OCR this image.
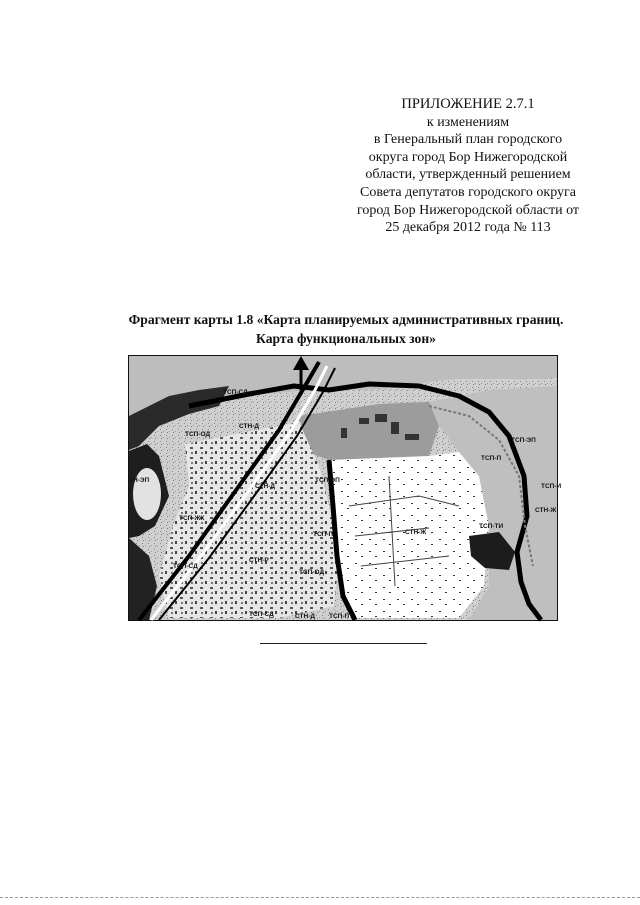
ПРИЛОЖЕНИЕ 2.7.1
к изменениям
в Генеральный план городского
округа город Бор Нижегородской
области, утвержденный решением
Совета депутатов городского округа
город Бор Нижегородской области от
25 декабря 2012 года № 113
Фрагмент карты 1.8 «Карта планируемых административных границ.
Карта функциональных зон»
ТСП-СД
ТСП-ОД
СТН-Д
ТСП-ЭП
ТСП-П
ТСП-ЭП
СТН-Д	ТСП-И
ТН-ЭП
ТСП-ЖК
СТН-Ж
ТСП-П	СТН-Ж
ТСП-ТИ
СТН-Р
ТСП-СД
ТСП-ОД
ТСП-СД	СТН-Д ТСП-ПТ
